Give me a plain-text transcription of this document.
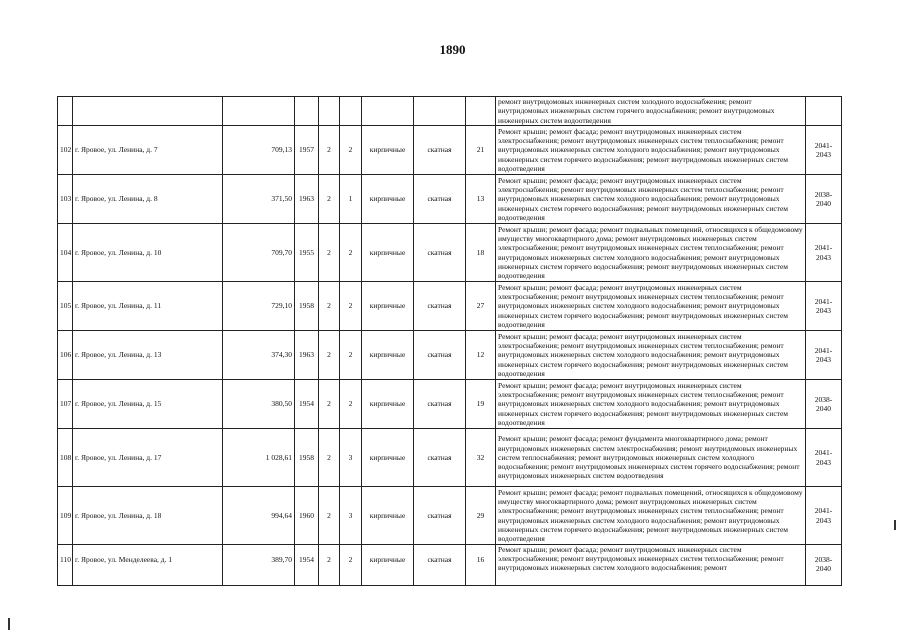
1890
									ремонт внутридомовых инженерных систем холодного водоснабжения; ремонт внутридомовых инженерных систем горячего водоснабжения; ремонт внутридомовых инженерных систем водоотведения	
102	г. Яровое, ул. Ленина, д. 7	709,13	1957	2	2	кирпичные	скатная	21	Ремонт крыши; ремонт фасада; ремонт внутридомовых инженерных систем электроснабжения; ремонт внутридомовых инженерных систем теплоснабжения; ремонт внутридомовых инженерных систем холодного водоснабжения; ремонт внутридомовых инженерных систем горячего водоснабжения; ремонт внутридомовых инженерных систем водоотведения	2041-2043
103	г. Яровое, ул. Ленина, д. 8	371,50	1963	2	1	кирпичные	скатная	13	Ремонт крыши; ремонт фасада; ремонт внутридомовых инженерных систем электроснабжения; ремонт внутридомовых инженерных систем теплоснабжения; ремонт внутридомовых инженерных систем холодного водоснабжения; ремонт внутридомовых инженерных систем горячего водоснабжения; ремонт внутридомовых инженерных систем водоотведения	2038-2040
104	г. Яровое, ул. Ленина, д. 10	709,70	1955	2	2	кирпичные	скатная	18	Ремонт крыши; ремонт фасада; ремонт подвальных помещений, относящихся к общедомовому имуществу многоквартирного дома; ремонт внутридомовых инженерных систем электроснабжения; ремонт внутридомовых инженерных систем теплоснабжения; ремонт внутридомовых инженерных систем холодного водоснабжения; ремонт внутридомовых инженерных систем горячего водоснабжения; ремонт внутридомовых инженерных систем водоотведения	2041-2043
105	г. Яровое, ул. Ленина, д. 11	729,10	1958	2	2	кирпичные	скатная	27	Ремонт крыши; ремонт фасада; ремонт внутридомовых инженерных систем электроснабжения; ремонт внутридомовых инженерных систем теплоснабжения; ремонт внутридомовых инженерных систем холодного водоснабжения; ремонт внутридомовых инженерных систем горячего водоснабжения; ремонт внутридомовых инженерных систем водоотведения	2041-2043
106	г. Яровое, ул. Ленина, д. 13	374,30	1963	2	2	кирпичные	скатная	12	Ремонт крыши; ремонт фасада; ремонт внутридомовых инженерных систем электроснабжения; ремонт внутридомовых инженерных систем теплоснабжения; ремонт внутридомовых инженерных систем холодного водоснабжения; ремонт внутридомовых инженерных систем горячего водоснабжения; ремонт внутридомовых инженерных систем водоотведения	2041-2043
107	г. Яровое, ул. Ленина, д. 15	380,50	1954	2	2	кирпичные	скатная	19	Ремонт крыши; ремонт фасада; ремонт внутридомовых инженерных систем электроснабжения; ремонт внутридомовых инженерных систем теплоснабжения; ремонт внутридомовых инженерных систем холодного водоснабжения; ремонт внутридомовых инженерных систем горячего водоснабжения; ремонт внутридомовых инженерных систем водоотведения	2038-2040
108	г. Яровое, ул. Ленина, д. 17	1 028,61	1958	2	3	кирпичные	скатная	32	Ремонт крыши; ремонт фасада; ремонт фундамента многоквартирного дома; ремонт внутридомовых инженерных систем электроснабжения; ремонт внутридомовых инженерных систем теплоснабжения; ремонт внутридомовых инженерных систем холодного водоснабжения; ремонт внутридомовых инженерных систем горячего водоснабжения; ремонт внутридомовых инженерных систем водоотведения	2041-2043
109	г. Яровое, ул. Ленина, д. 18	994,64	1960	2	3	кирпичные	скатная	29	Ремонт крыши; ремонт фасада; ремонт подвальных помещений, относящихся к общедомовому имуществу многоквартирного дома; ремонт внутридомовых инженерных систем электроснабжения; ремонт внутридомовых инженерных систем теплоснабжения; ремонт внутридомовых инженерных систем холодного водоснабжения; ремонт внутридомовых инженерных систем горячего водоснабжения; ремонт внутридомовых инженерных систем водоотведения	2041-2043
110	г. Яровое, ул. Менделеева, д. 1	389,70	1954	2	2	кирпичные	скатная	16	Ремонт крыши; ремонт фасада; ремонт внутридомовых инженерных систем электроснабжения; ремонт внутридомовых инженерных систем теплоснабжения; ремонт внутридомовых инженерных систем холодного водоснабжения; ремонт	2038-2040
